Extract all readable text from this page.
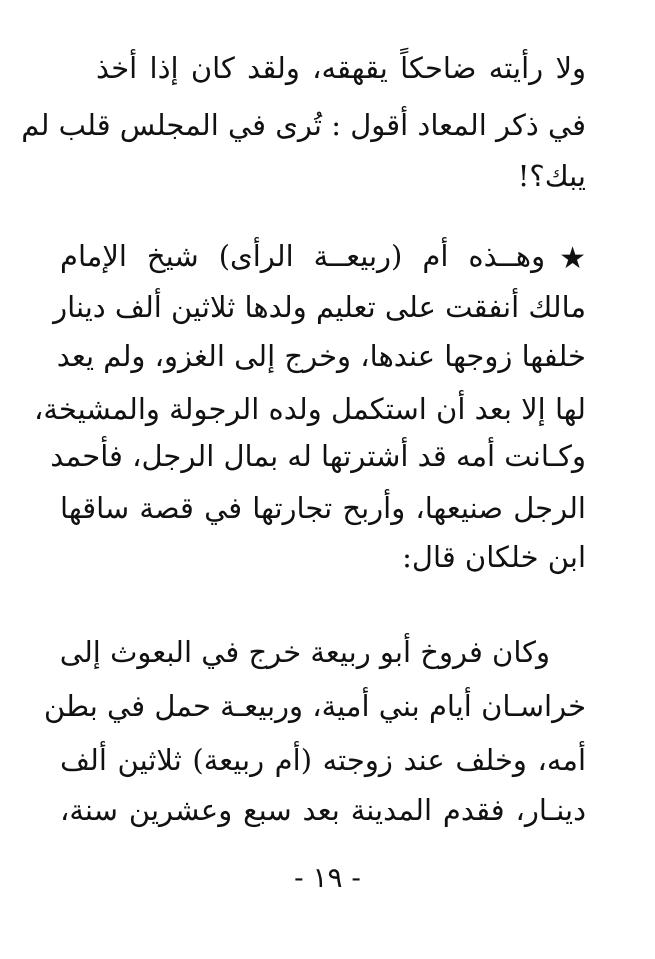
ولا رأيته ضاحكاً يقهقه، ولقد كان إذا أخذ
في ذكر المعاد أقول : تُرى في المجلس قلب لم
يبك؟!
★وهــذه أم (ربيعــة الرأى) شيخ الإمام
مالك أنفقت على تعليم ولدها ثلاثين ألف دينار
خلفها زوجها عندها، وخرج إلى الغزو، ولم يعد
لها إلا بعد أن استكمل ولده الرجولة والمشيخة،
وكـانت أمه قد أشترتها له بمال الرجل، فأحمد
الرجل صنيعها، وأربح تجارتها في قصة ساقها
ابن خلكان قال:
وكان فروخ أبو ربيعة خرج في البعوث إلى
خراسـان أيام بني أمية، وربيعـة حمل في بطن
أمه، وخلف عند زوجته (أم ربيعة) ثلاثين ألف
دينـار، فقدم المدينة بعد سبع وعشرين سنة،
- ١٩ -
